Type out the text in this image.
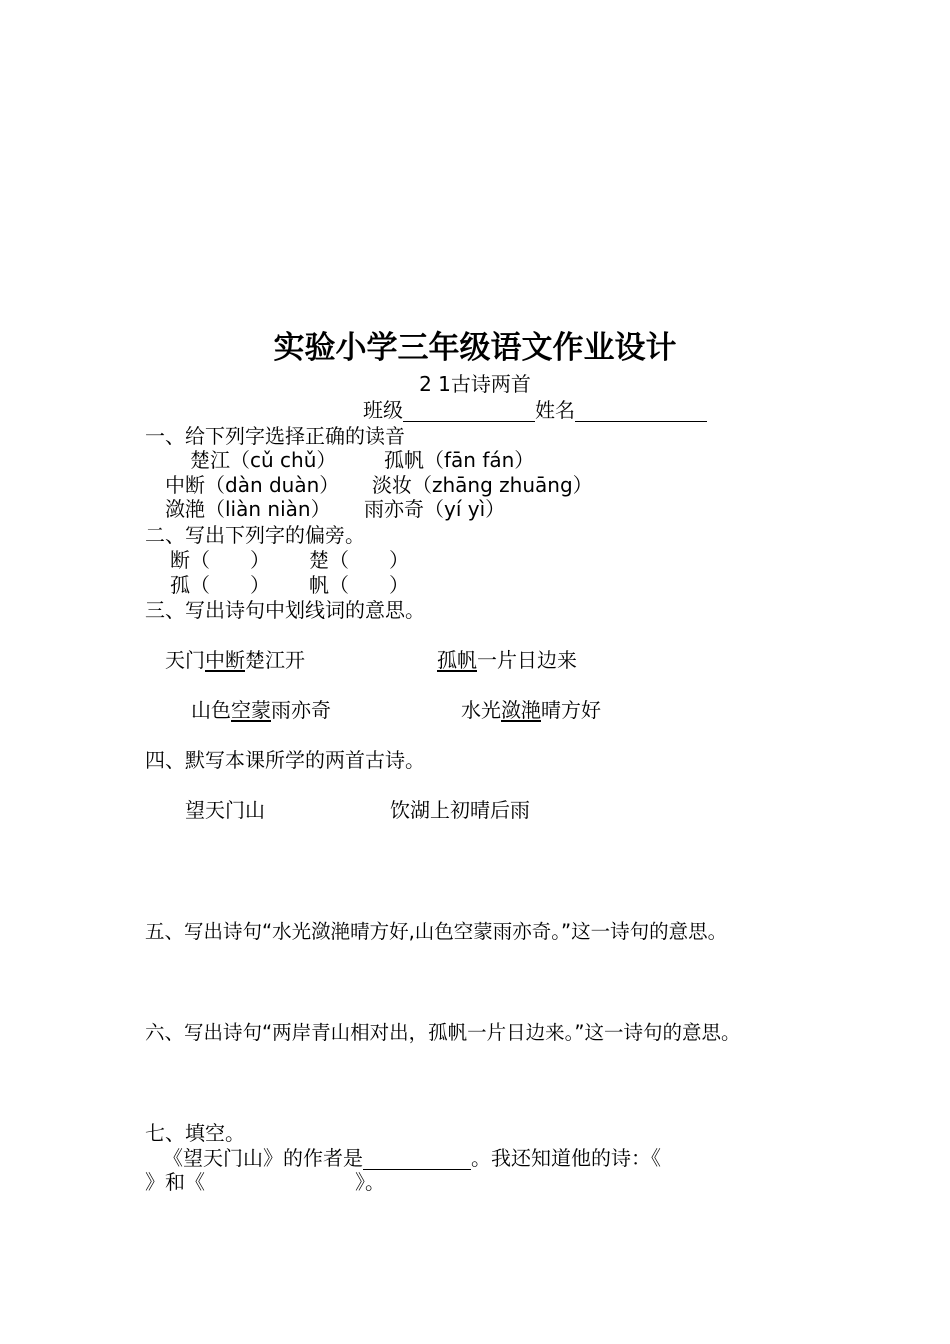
实验小学三年级语文作业设计
2 1古诗两首
班级	姓名
一、给下列字选择正确的读音
楚江（cǔ chǔ） 孤帆（fān fán）
中断（dàn duàn） 淡妆（zhāng zhuāng）
潋滟（liàn niàn） 雨亦奇（yí yì）
二、写出下列字的偏旁。
断（　　） 楚（　　）
孤（　　） 帆（　　）
三、写出诗句中划线词的意思。
天门中断楚江开	孤帆一片日边来
山色空蒙雨亦奇	水光潋滟晴方好
四、默写本课所学的两首古诗。
望天门山	饮湖上初晴后雨
五、写出诗句“水光潋滟晴方好,山色空蒙雨亦奇。”这一诗句的意思。
六、写出诗句“两岸青山相对出，孤帆一片日边来。”这一诗句的意思。
七、填空。
《望天门山》的作者是	。我还知道他的诗：《
》和《	》。
